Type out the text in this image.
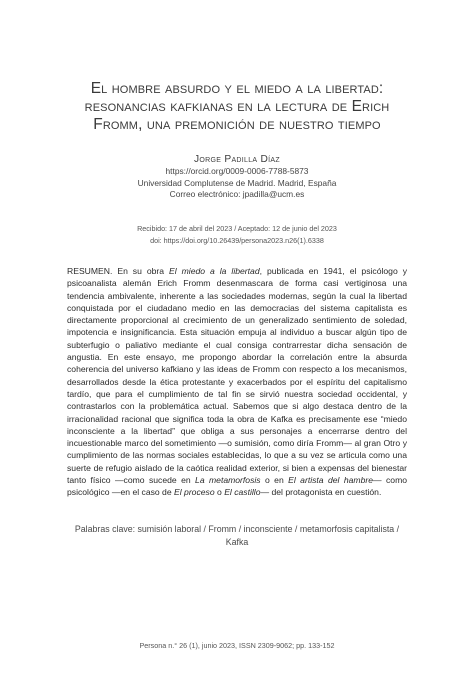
El hombre absurdo y el miedo a la libertad:
resonancias kafkianas en la lectura de Erich
Fromm, una premonición de nuestro tiempo
Jorge Padilla Díaz
https://orcid.org/0009-0006-7788-5873
Universidad Complutense de Madrid. Madrid, España
Correo electrónico: jpadilla@ucm.es
Recibido: 17 de abril del 2023 / Aceptado: 12 de junio del 2023
doi: https://doi.org/10.26439/persona2023.n26(1).6338
RESUMEN. En su obra El miedo a la libertad, publicada en 1941, el psicólogo y psicoanalista alemán Erich Fromm desenmascara de forma casi vertiginosa una tendencia ambivalente, inherente a las sociedades modernas, según la cual la libertad conquistada por el ciudadano medio en las democracias del sistema capitalista es directamente proporcional al crecimiento de un generalizado sentimiento de soledad, impotencia e insignificancia. Esta situación empuja al individuo a buscar algún tipo de subterfugio o paliativo mediante el cual consiga contrarrestar dicha sensación de angustia. En este ensayo, me propongo abordar la correlación entre la absurda coherencia del universo kafkiano y las ideas de Fromm con respecto a los mecanismos, desarrollados desde la ética protestante y exacerbados por el espíritu del capitalismo tardío, que para el cumplimiento de tal fin se sirvió nuestra sociedad occidental, y contrastarlos con la problemática actual. Sabemos que si algo destaca dentro de la irracionalidad racional que significa toda la obra de Kafka es precisamente ese “miedo inconsciente a la libertad” que obliga a sus personajes a encerrarse dentro del incuestionable marco del sometimiento —o sumisión, como diría Fromm— al gran Otro y cumplimiento de las normas sociales establecidas, lo que a su vez se articula como una suerte de refugio aislado de la caótica realidad exterior, si bien a expensas del bienestar tanto físico —como sucede en La metamorfosis o en El artista del hambre— como psicológico —en el caso de El proceso o El castillo— del protagonista en cuestión.
Palabras clave: sumisión laboral / Fromm / inconsciente / metamorfosis capitalista / Kafka
Persona n.° 26 (1), junio 2023, ISSN 2309-9062; pp. 133-152
